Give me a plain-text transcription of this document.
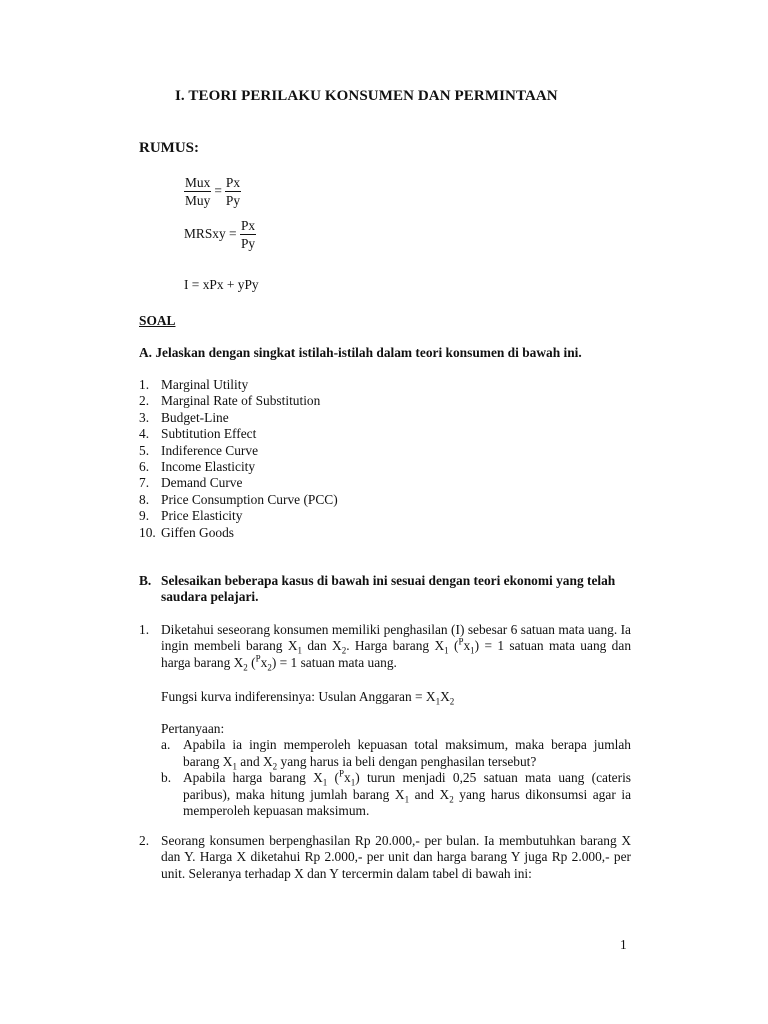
I. TEORI PERILAKU KONSUMEN DAN PERMINTAAN
RUMUS:
$\frac{\text{Mux}}{\text{Muy}} = \frac{Px}{Py}$
MRSxy = $\frac{Px}{Py}$
I = xPx + yPy
SOAL
A. Jelaskan dengan singkat istilah-istilah dalam teori konsumen di bawah ini.
1. Marginal Utility
2. Marginal Rate of Substitution
3. Budget-Line
4. Subtitution Effect
5. Indiference Curve
6. Income Elasticity
7. Demand Curve
8. Price Consumption Curve (PCC)
9. Price Elasticity
10. Giffen Goods
B. Selesaikan beberapa kasus di bawah ini sesuai dengan teori ekonomi yang telah saudara pelajari.
1. Diketahui seseorang konsumen memiliki penghasilan (I) sebesar 6 satuan mata uang. Ia ingin membeli barang $X_1$ dan $X_2$. Harga barang $X_1$ $(^Px_1) = 1$ satuan mata uang dan harga barang $X_2$ $(^Px_2) = 1$ satuan mata uang.
Fungsi kurva indiferensinya: Usulan Anggaran = $X_1X_2$
Pertanyaan:
a. Apabila ia ingin memperoleh kepuasan total maksimum, maka berapa jumlah barang $X_1$ and $X_2$ yang harus ia beli dengan penghasilan tersebut?
b. Apabila harga barang $X_1$ $(^Px_1)$ turun menjadi 0,25 satuan mata uang (cateris paribus), maka hitung jumlah barang $X_1$ and $X_2$ yang harus dikonsumsi agar ia memperoleh kepuasan maksimum.
2. Seorang konsumen berpenghasilan Rp 20.000,- per bulan. Ia membutuhkan barang X dan Y. Harga X diketahui Rp 2.000,- per unit dan harga barang Y juga Rp 2.000,- per unit. Seleranya terhadap X dan Y tercermin dalam tabel di bawah ini:
1
